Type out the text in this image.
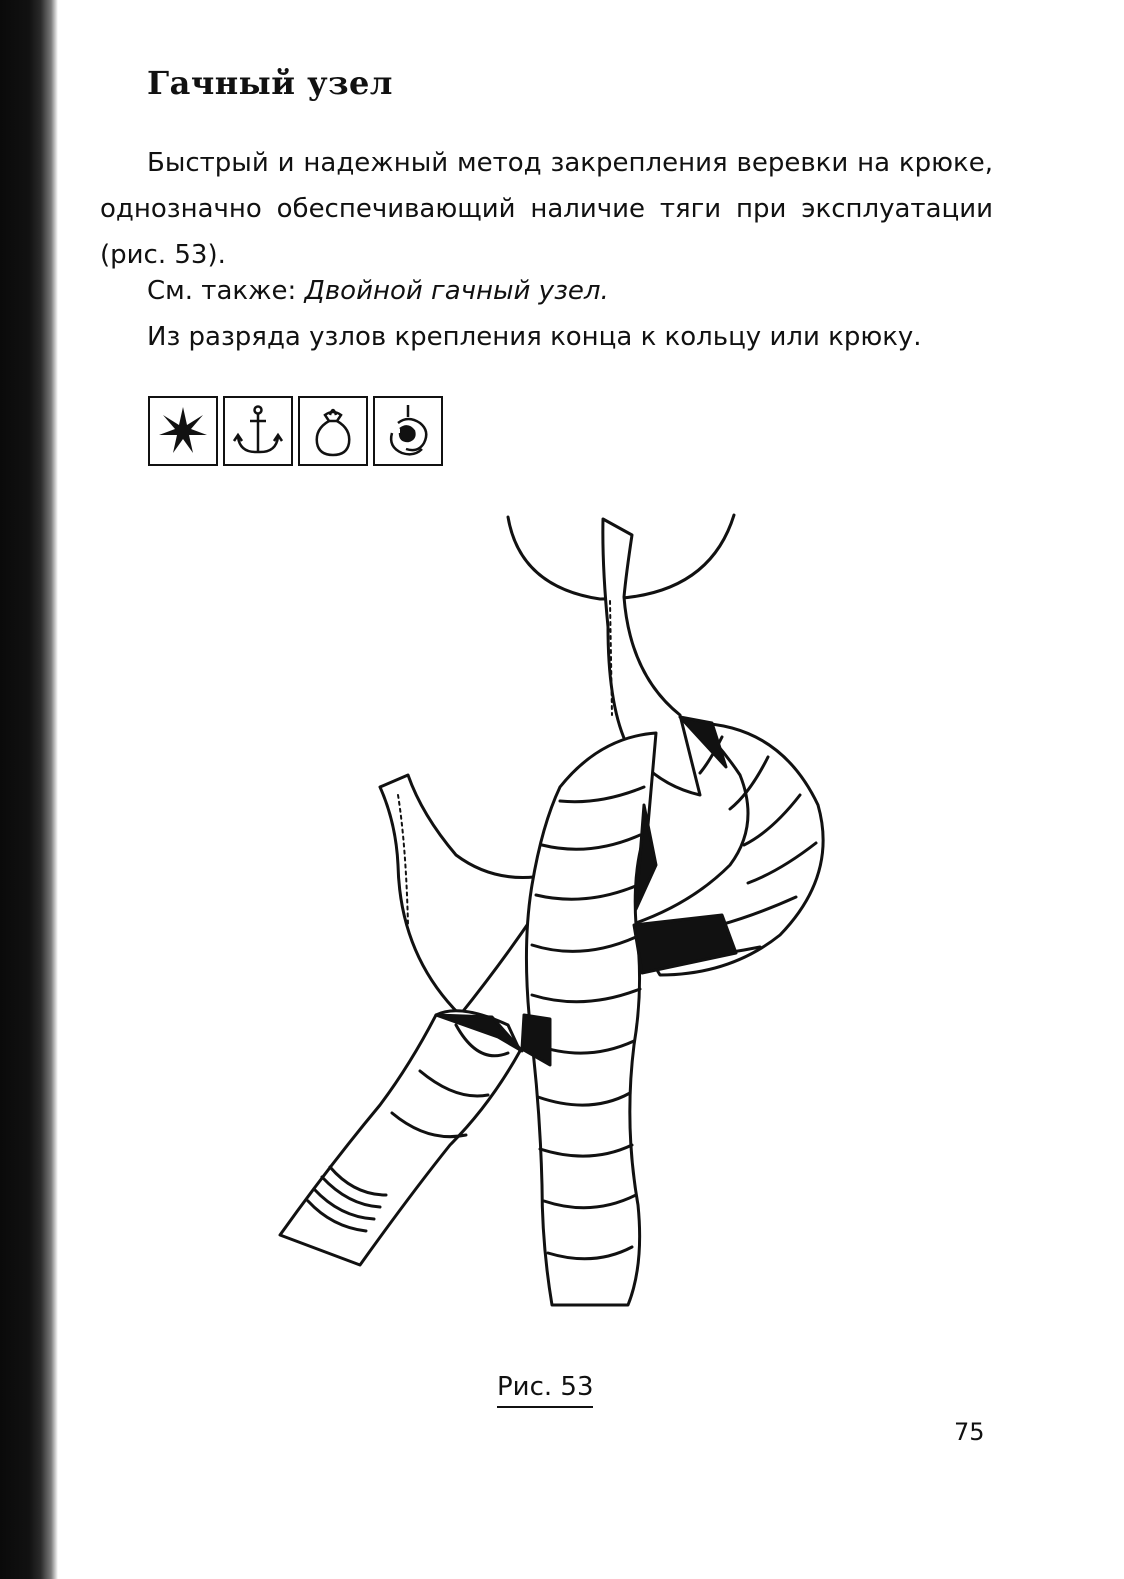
Гачный узел

Быстрый и надежный метод закрепления веревки на крюке, однозначно обеспечивающий наличие тяги при эксплуатации (рис. 53).

См. также: Двойной гачный узел.

Из разряда узлов крепления конца к кольцу или крюку.

Рис. 53

75
